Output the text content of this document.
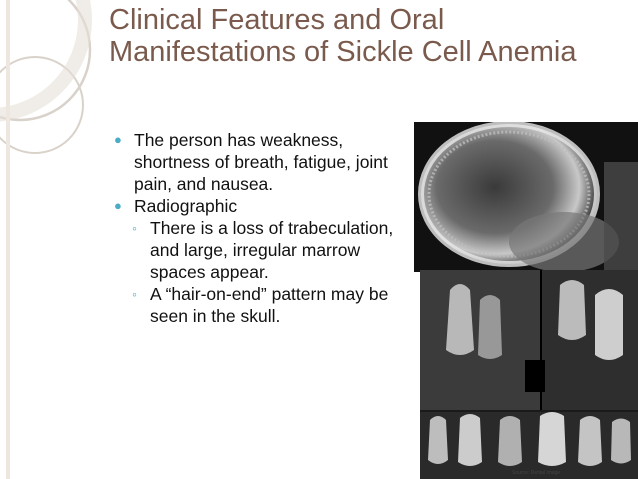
Clinical Features and Oral Manifestations of Sickle Cell Anemia
● The person has weakness, shortness of breath, fatigue, joint pain, and nausea.
● Radiographic
◦ There is a loss of trabeculation, and large, irregular marrow spaces appear.
◦ A “hair-on-end” pattern may be seen in the skull.
Source: Dental image
